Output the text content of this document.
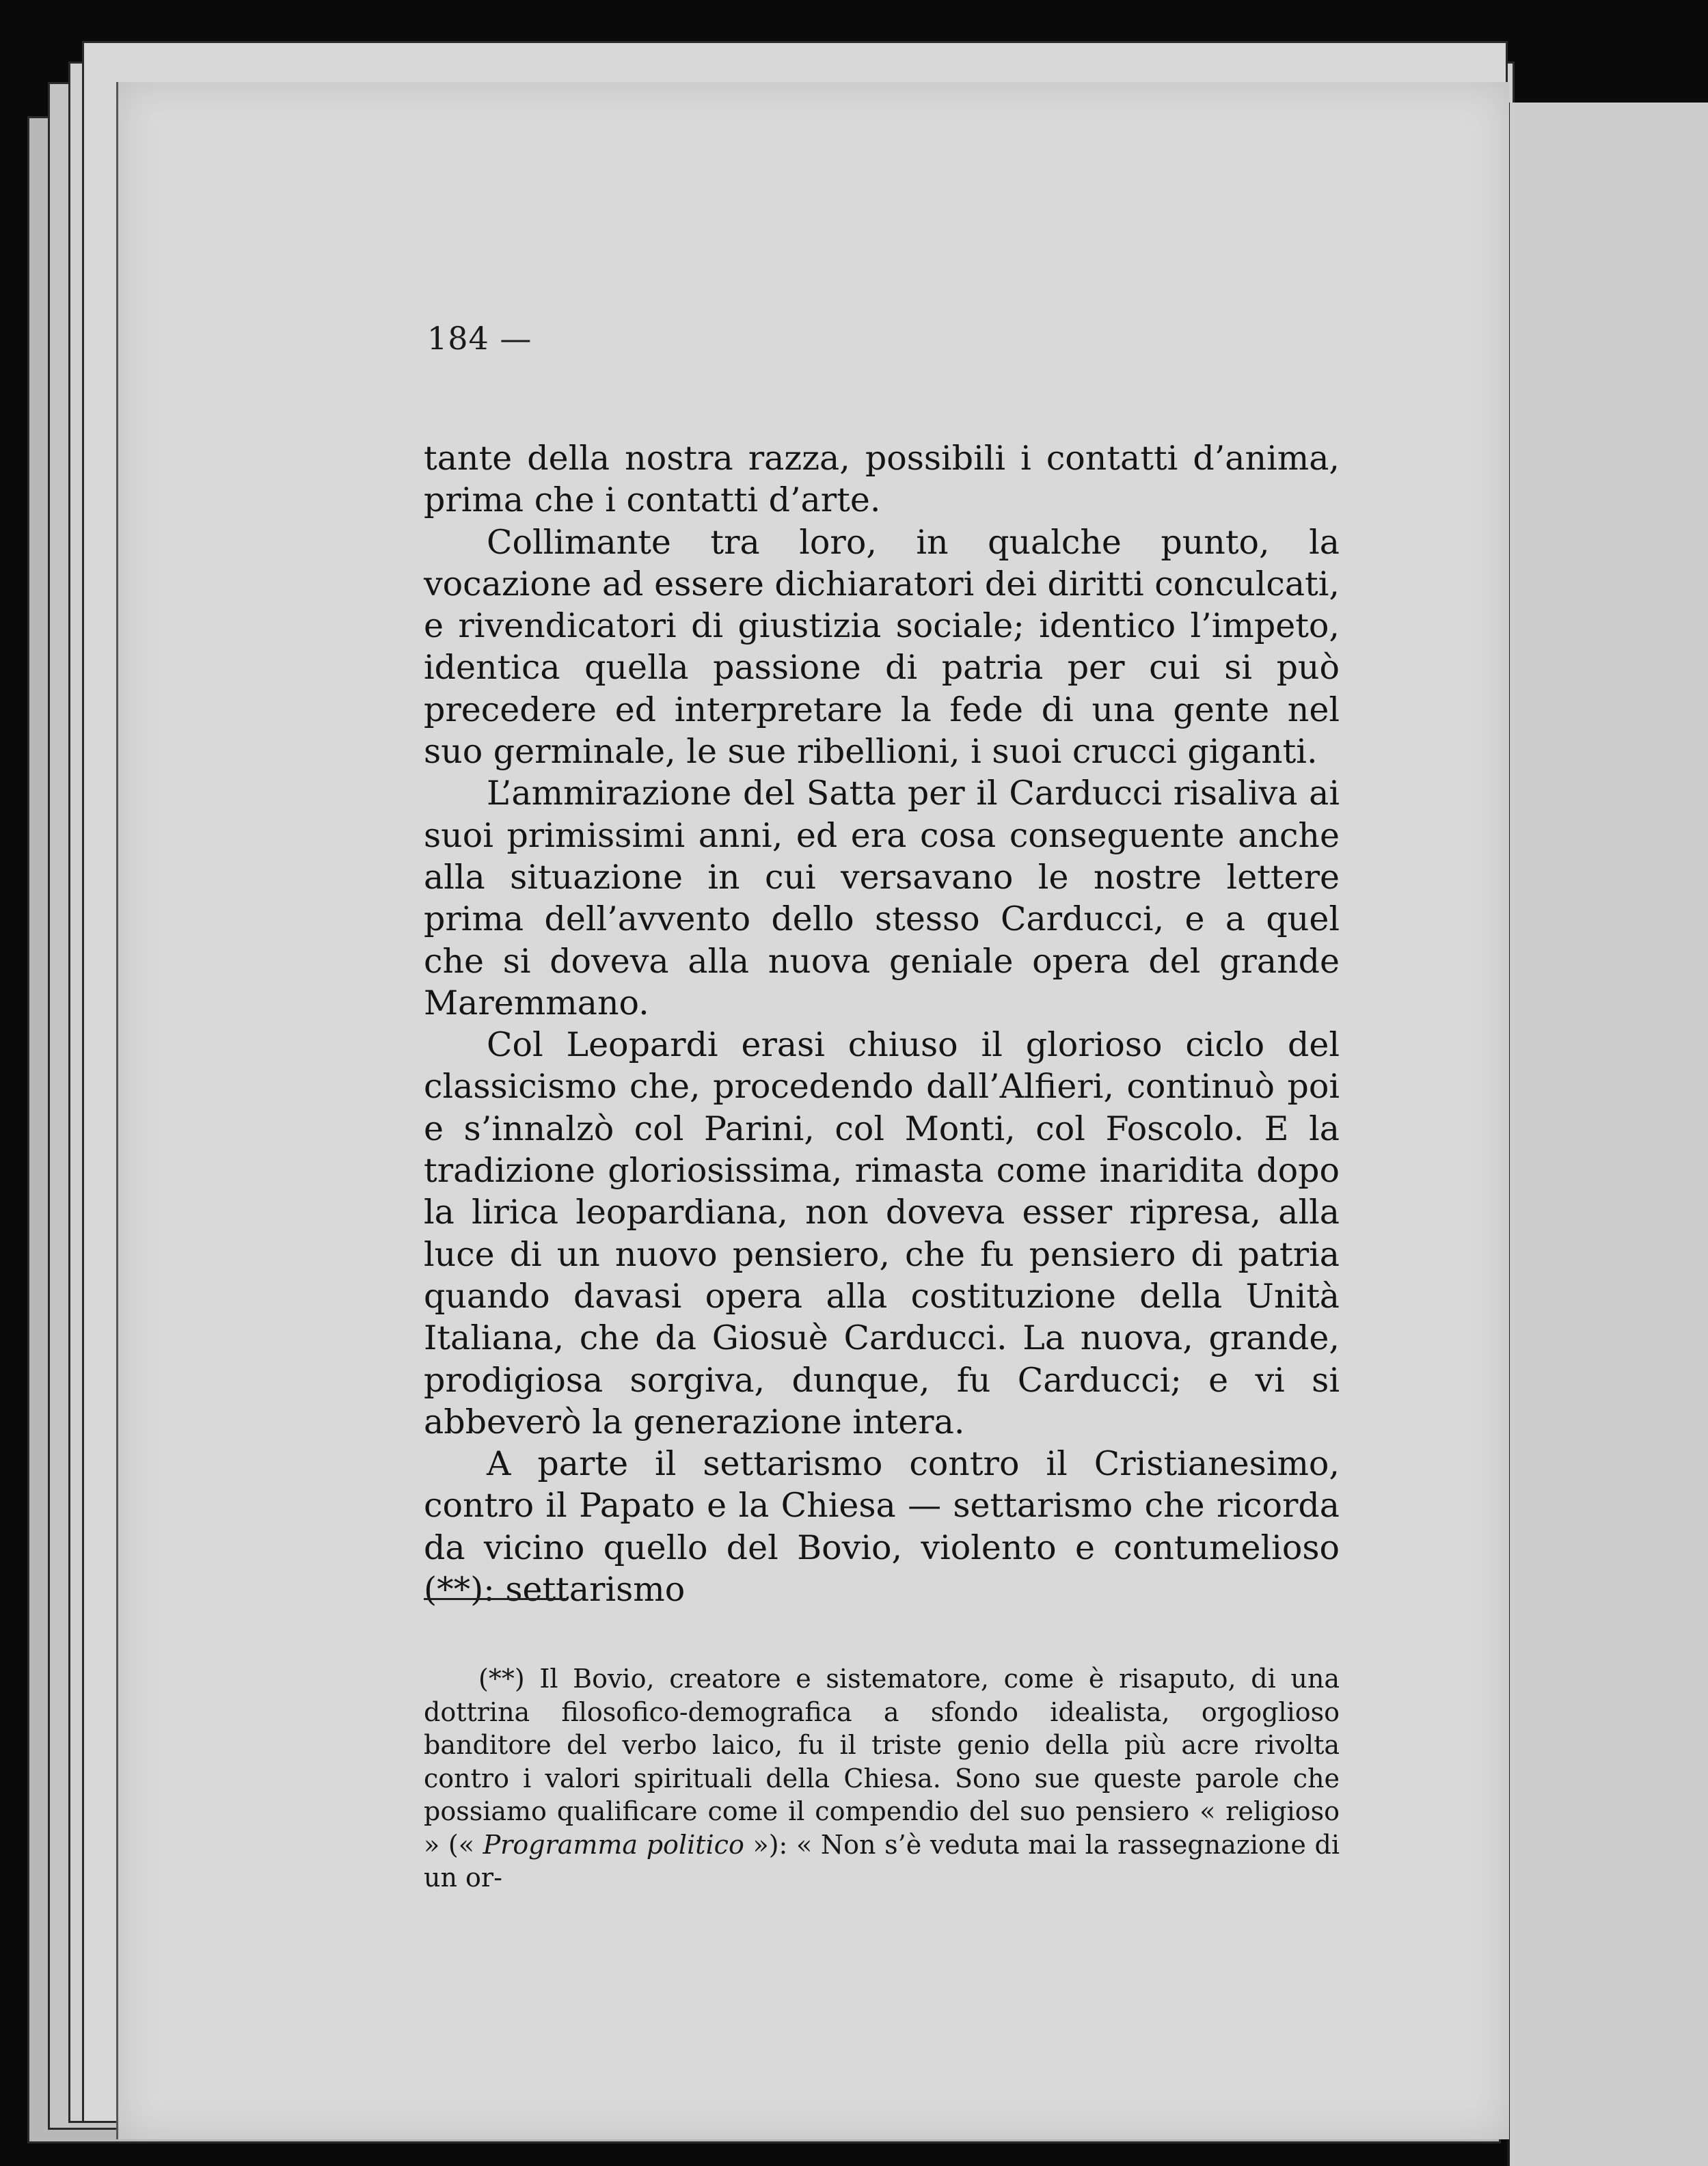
184 —

tante della nostra razza, possibili i contatti d’anima, prima che i contatti d’arte.

Collimante tra loro, in qualche punto, la vocazione ad essere dichiaratori dei diritti conculcati, e rivendicatori di giustizia sociale; identico l’impeto, identica quella passione di patria per cui si può precedere ed interpretare la fede di una gente nel suo germinale, le sue ribellioni, i suoi crucci giganti.

L’ammirazione del Satta per il Carducci risaliva ai suoi primissimi anni, ed era cosa conseguente anche alla situazione in cui versavano le nostre lettere prima dell’avvento dello stesso Carducci, e a quel che si doveva alla nuova geniale opera del grande Maremmano.

Col Leopardi erasi chiuso il glorioso ciclo del classicismo che, procedendo dall’Alfieri, continuò poi e s’innalzò col Parini, col Monti, col Foscolo. E la tradizione gloriosissima, rimasta come inaridita dopo la lirica leopardiana, non doveva esser ripresa, alla luce di un nuovo pensiero, che fu pensiero di patria quando davasi opera alla costituzione della Unità Italiana, che da Giosuè Carducci. La nuova, grande, prodigiosa sorgiva, dunque, fu Carducci; e vi si abbeverò la generazione intera.

A parte il settarismo contro il Cristianesimo, contro il Papato e la Chiesa — settarismo che ricorda da vicino quello del Bovio, violento e contumelioso (**): settarismo

(**) Il Bovio, creatore e sistematore, come è risaputo, di una dottrina filosofico-demografica a sfondo idealista, orgoglioso banditore del verbo laico, fu il triste genio della più acre rivolta contro i valori spirituali della Chiesa. Sono sue queste parole che possiamo qualificare come il compendio del suo pensiero « religioso » (« Programma politico »): « Non s’è veduta mai la rassegnazione di un or-
